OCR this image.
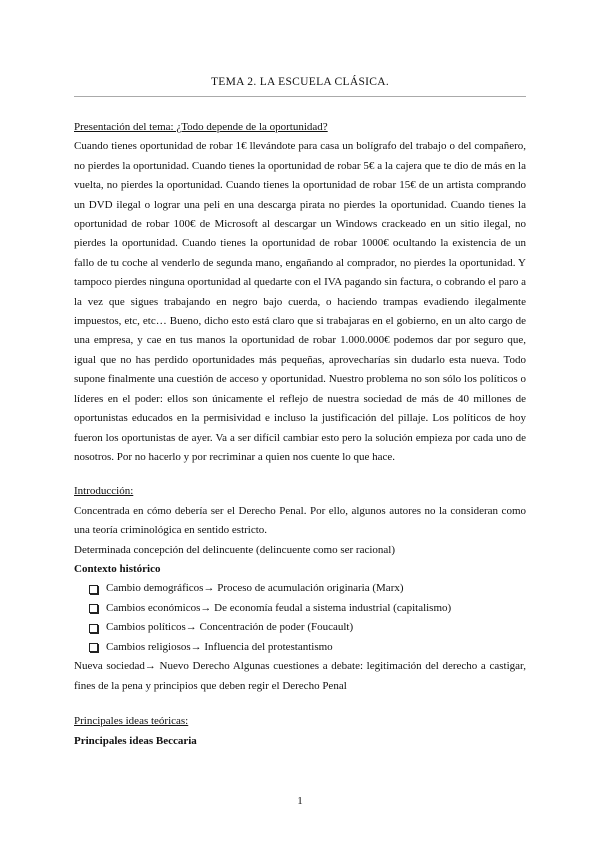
TEMA 2. LA ESCUELA CLÁSICA.

Presentación del tema: ¿Todo depende de la oportunidad?

Cuando tienes oportunidad de robar 1€ llevándote para casa un bolígrafo del trabajo o del compañero, no pierdes la oportunidad. Cuando tienes la oportunidad de robar 5€ a la cajera que te dio de más en la vuelta, no pierdes la oportunidad. Cuando tienes la oportunidad de robar 15€ de un artista comprando un DVD ilegal o lograr una peli en una descarga pirata no pierdes la oportunidad. Cuando tienes la oportunidad de robar 100€ de Microsoft al descargar un Windows crackeado en un sitio ilegal, no pierdes la oportunidad. Cuando tienes la oportunidad de robar 1000€ ocultando la existencia de un fallo de tu coche al venderlo de segunda mano, engañando al comprador, no pierdes la oportunidad. Y tampoco pierdes ninguna oportunidad al quedarte con el IVA pagando sin factura, o cobrando el paro a la vez que sigues trabajando en negro bajo cuerda, o haciendo trampas evadiendo ilegalmente impuestos, etc, etc… Bueno, dicho esto está claro que si trabajaras en el gobierno, en un alto cargo de una empresa, y cae en tus manos la oportunidad de robar 1.000.000€ podemos dar por seguro que, igual que no has perdido oportunidades más pequeñas, aprovecharías sin dudarlo esta nueva. Todo supone finalmente una cuestión de acceso y oportunidad. Nuestro problema no son sólo los políticos o líderes en el poder: ellos son únicamente el reflejo de nuestra sociedad de más de 40 millones de oportunistas educados en la permisividad e incluso la justificación del pillaje. Los políticos de hoy fueron los oportunistas de ayer. Va a ser difícil cambiar esto pero la solución empieza por cada uno de nosotros. Por no hacerlo y por recriminar a quien nos cuente lo que hace.

Introducción:

Concentrada en cómo debería ser el Derecho Penal. Por ello, algunos autores no la consideran como una teoría criminológica en sentido estricto.

Determinada concepción del delincuente (delincuente como ser racional)

Contexto histórico

Cambio demográficos→ Proceso de acumulación originaria (Marx)
Cambios económicos→ De economía feudal a sistema industrial (capitalismo)
Cambios políticos→ Concentración de poder (Foucault)
Cambios religiosos→ Influencia del protestantismo

Nueva sociedad→ Nuevo Derecho Algunas cuestiones a debate: legitimación del derecho a castigar, fines de la pena y principios que deben regir el Derecho Penal

Principales ideas teóricas:

Principales ideas Beccaria

1
